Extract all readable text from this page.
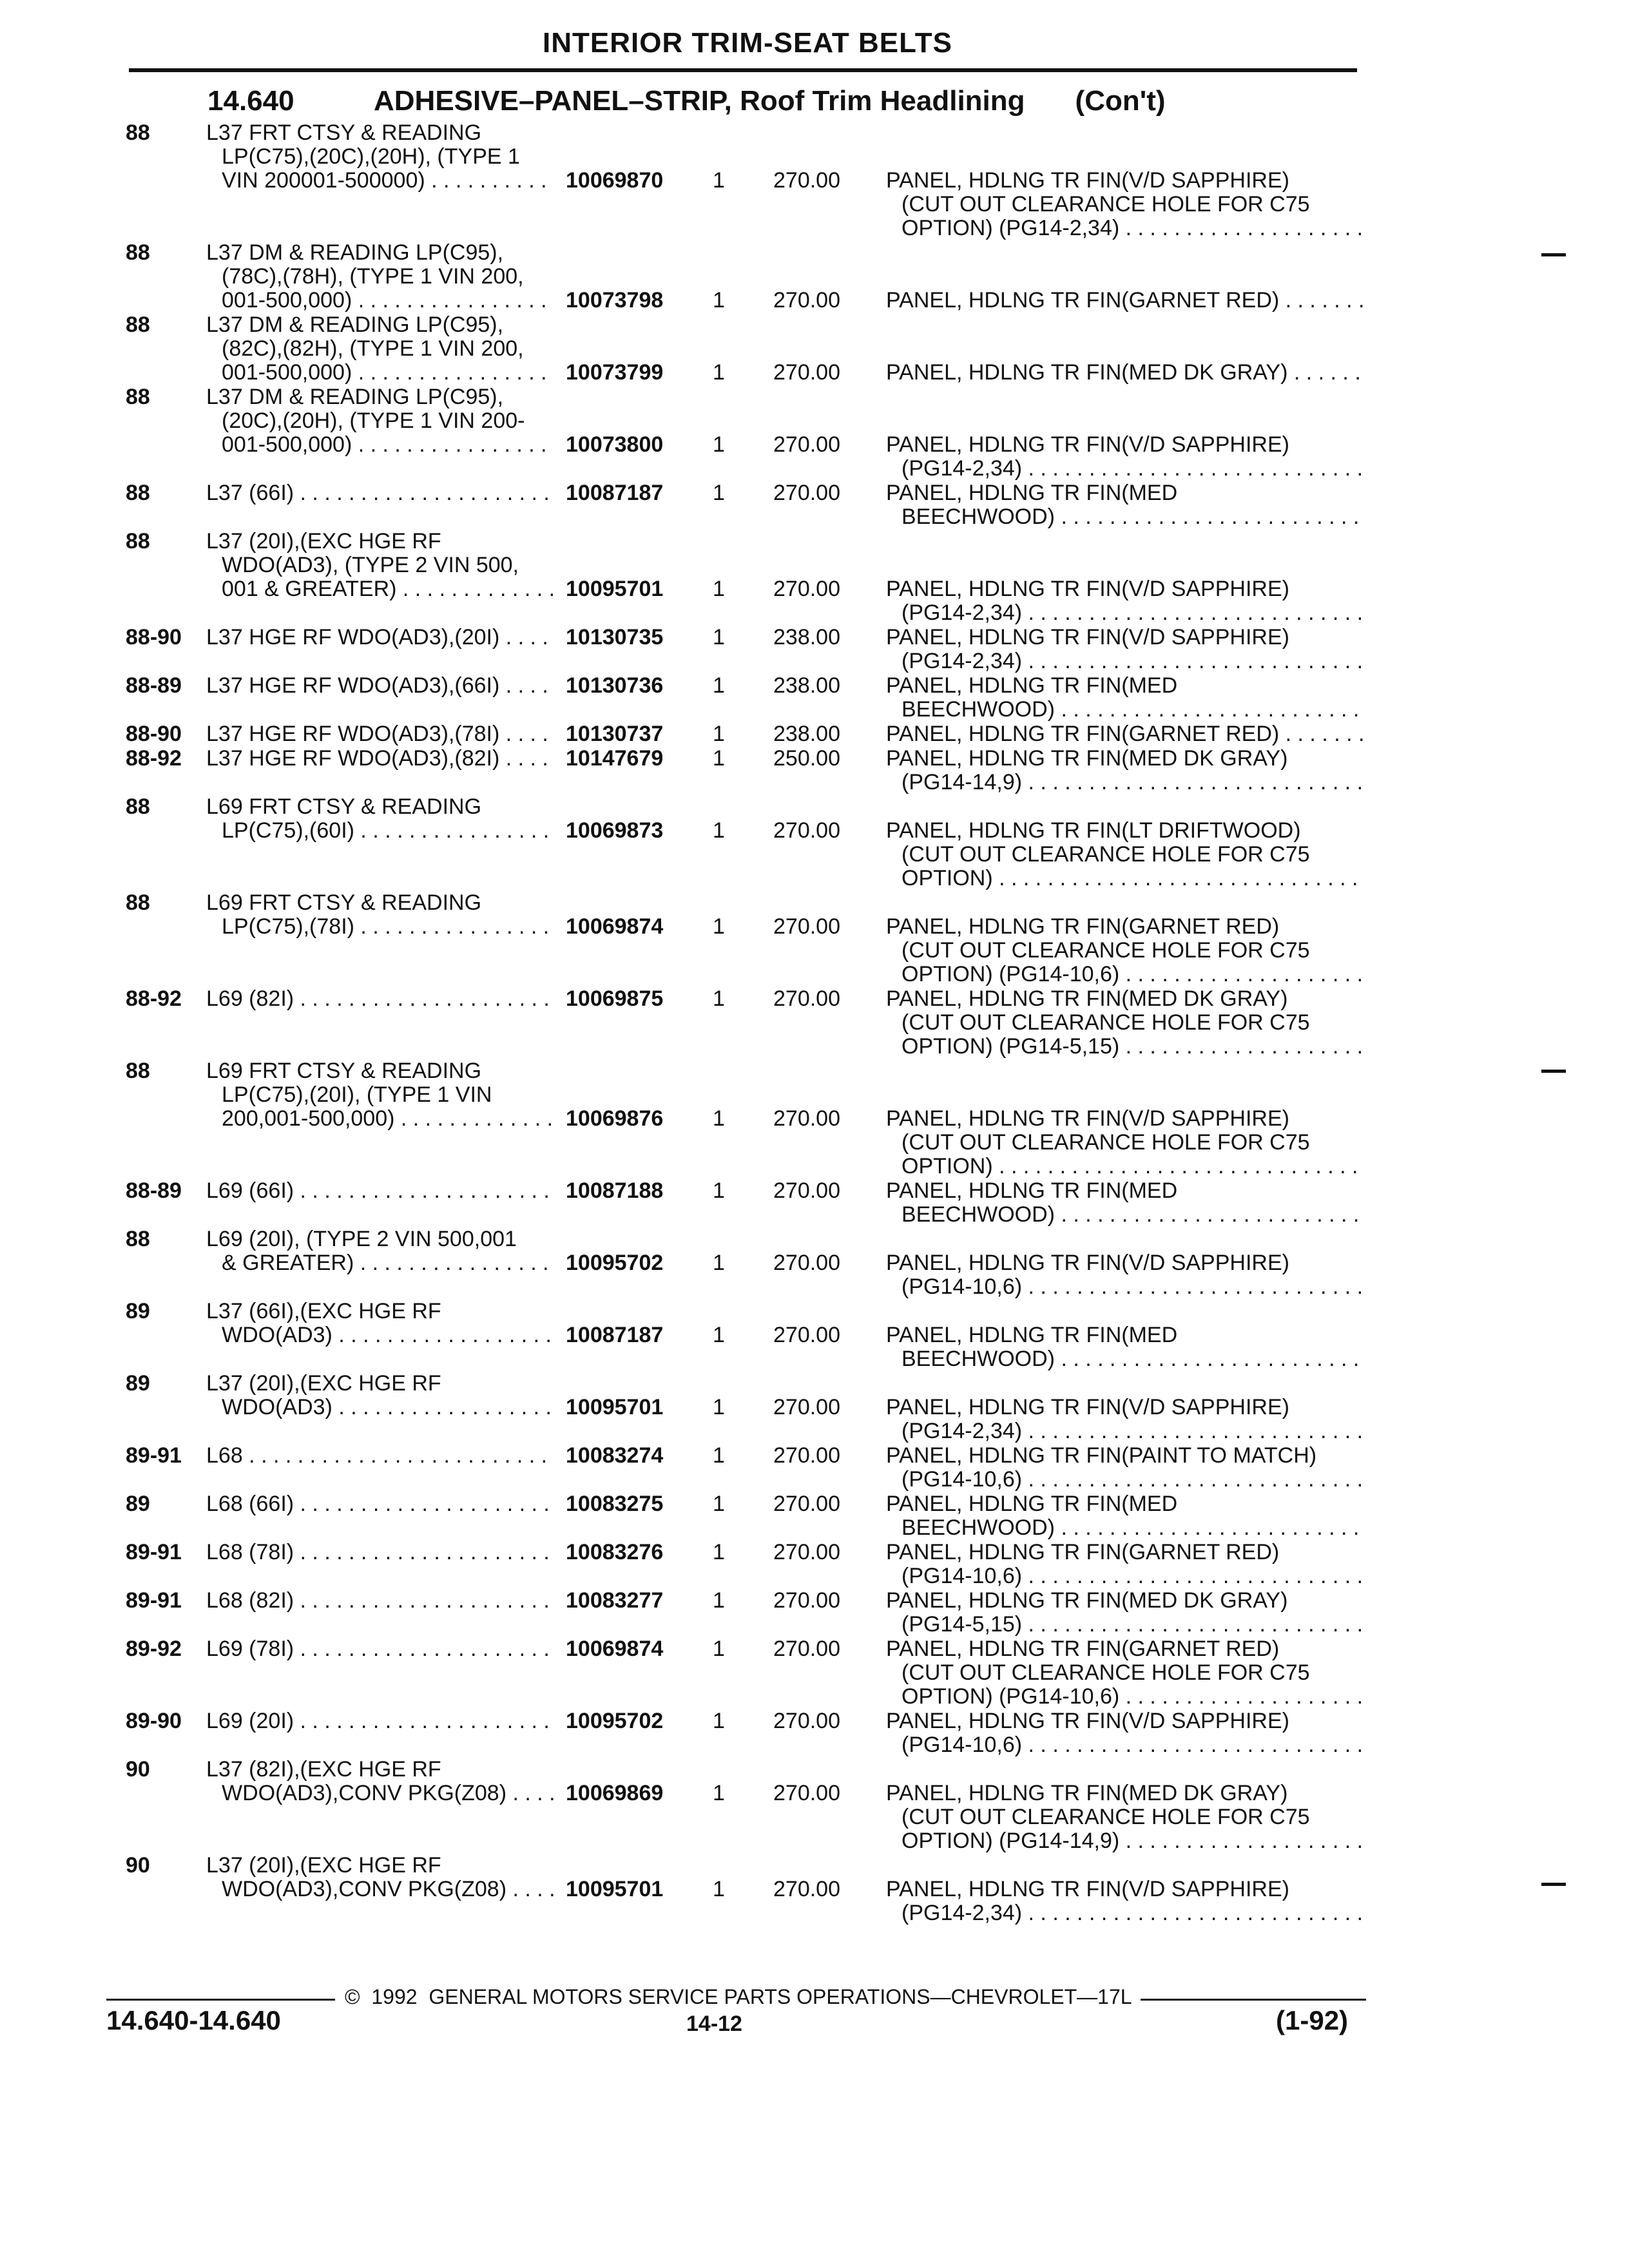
INTERIOR TRIM-SEAT BELTS
14.640	ADHESIVE–PANEL–STRIP, Roof Trim Headlining (Con't)
88	L37 FRT CTSY & READING
LP(C75),(20C),(20H), (TYPE 1
VIN 200001-500000) . . .	10069870 1 270.00 PANEL, HDLNG TR FIN(V/D SAPPHIRE)
(CUT OUT CLEARANCE HOLE FOR C75
OPTION) (PG14-2,34) . . .
88	L37 DM & READING LP(C95),
(78C),(78H), (TYPE 1 VIN 200,
001-500,000) . . .	10073798 1 270.00 PANEL, HDLNG TR FIN(GARNET RED) . . .
88	L37 DM & READING LP(C95),
(82C),(82H), (TYPE 1 VIN 200,
001-500,000) . . .	10073799 1 270.00 PANEL, HDLNG TR FIN(MED DK GRAY) . . .
88	L37 DM & READING LP(C95),
(20C),(20H), (TYPE 1 VIN 200-
001-500,000) . . .	10073800 1 270.00 PANEL, HDLNG TR FIN(V/D SAPPHIRE)
(PG14-2,34) . . .
88	L37 (66I) . . .	10087187 1 270.00 PANEL, HDLNG TR FIN(MED
BEECHWOOD) . . .
88	L37 (20I),(EXC HGE RF
WDO(AD3), (TYPE 2 VIN 500,
001 & GREATER) . . .	10095701 1 270.00 PANEL, HDLNG TR FIN(V/D SAPPHIRE)
(PG14-2,34) . . .
88-90 L37 HGE RF WDO(AD3),(20I) . . .	10130735 1 238.00 PANEL, HDLNG TR FIN(V/D SAPPHIRE)
(PG14-2,34) . . .
88-89 L37 HGE RF WDO(AD3),(66I) . . .	10130736 1 238.00 PANEL, HDLNG TR FIN(MED
BEECHWOOD) . . .
88-90 L37 HGE RF WDO(AD3),(78I) . . .	10130737 1 238.00 PANEL, HDLNG TR FIN(GARNET RED) . . .
88-92 L37 HGE RF WDO(AD3),(82I) . . .	10147679 1 250.00 PANEL, HDLNG TR FIN(MED DK GRAY)
(PG14-14,9) . . .
88	L69 FRT CTSY & READING
LP(C75),(60I) . . .	10069873 1 270.00 PANEL, HDLNG TR FIN(LT DRIFTWOOD)
(CUT OUT CLEARANCE HOLE FOR C75
OPTION) . . .
88	L69 FRT CTSY & READING
LP(C75),(78I) . . .	10069874 1 270.00 PANEL, HDLNG TR FIN(GARNET RED)
(CUT OUT CLEARANCE HOLE FOR C75
OPTION) (PG14-10,6) . . .
88-92 L69 (82I) . . .	10069875 1 270.00 PANEL, HDLNG TR FIN(MED DK GRAY)
(CUT OUT CLEARANCE HOLE FOR C75
OPTION) (PG14-5,15) . . .
88	L69 FRT CTSY & READING
LP(C75),(20I), (TYPE 1 VIN
200,001-500,000) . . .	10069876 1 270.00 PANEL, HDLNG TR FIN(V/D SAPPHIRE)
(CUT OUT CLEARANCE HOLE FOR C75
OPTION) . . .
88-89 L69 (66I) . . .	10087188 1 270.00 PANEL, HDLNG TR FIN(MED
BEECHWOOD) . . .
88	L69 (20I), (TYPE 2 VIN 500,001
& GREATER) . . .	10095702 1 270.00 PANEL, HDLNG TR FIN(V/D SAPPHIRE)
(PG14-10,6) . . .
89	L37 (66I),(EXC HGE RF
WDO(AD3) . . .	10087187 1 270.00 PANEL, HDLNG TR FIN(MED
BEECHWOOD) . . .
89	L37 (20I),(EXC HGE RF
WDO(AD3) . . .	10095701 1 270.00 PANEL, HDLNG TR FIN(V/D SAPPHIRE)
(PG14-2,34) . . .
89-91 L68 . . .	10083274 1 270.00 PANEL, HDLNG TR FIN(PAINT TO MATCH)
(PG14-10,6) . . .
89	L68 (66I) . . .	10083275 1 270.00 PANEL, HDLNG TR FIN(MED
BEECHWOOD) . . .
89-91 L68 (78I) . . .	10083276 1 270.00 PANEL, HDLNG TR FIN(GARNET RED)
(PG14-10,6) . . .
89-91 L68 (82I) . . .	10083277 1 270.00 PANEL, HDLNG TR FIN(MED DK GRAY)
(PG14-5,15) . . .
89-92 L69 (78I) . . .	10069874 1 270.00 PANEL, HDLNG TR FIN(GARNET RED)
(CUT OUT CLEARANCE HOLE FOR C75
OPTION) (PG14-10,6) . . .
89-90 L69 (20I) . . .	10095702 1 270.00 PANEL, HDLNG TR FIN(V/D SAPPHIRE)
(PG14-10,6) . . .
90	L37 (82I),(EXC HGE RF
WDO(AD3),CONV PKG(Z08) . . .	10069869 1 270.00 PANEL, HDLNG TR FIN(MED DK GRAY)
(CUT OUT CLEARANCE HOLE FOR C75
OPTION) (PG14-14,9) . . .
90	L37 (20I),(EXC HGE RF
WDO(AD3),CONV PKG(Z08) . . .	10095701 1 270.00 PANEL, HDLNG TR FIN(V/D SAPPHIRE)
(PG14-2,34) . . .
©  1992  GENERAL MOTORS SERVICE PARTS OPERATIONS—CHEVROLET—17L
14.640-14.640	14-12	(1-92)
